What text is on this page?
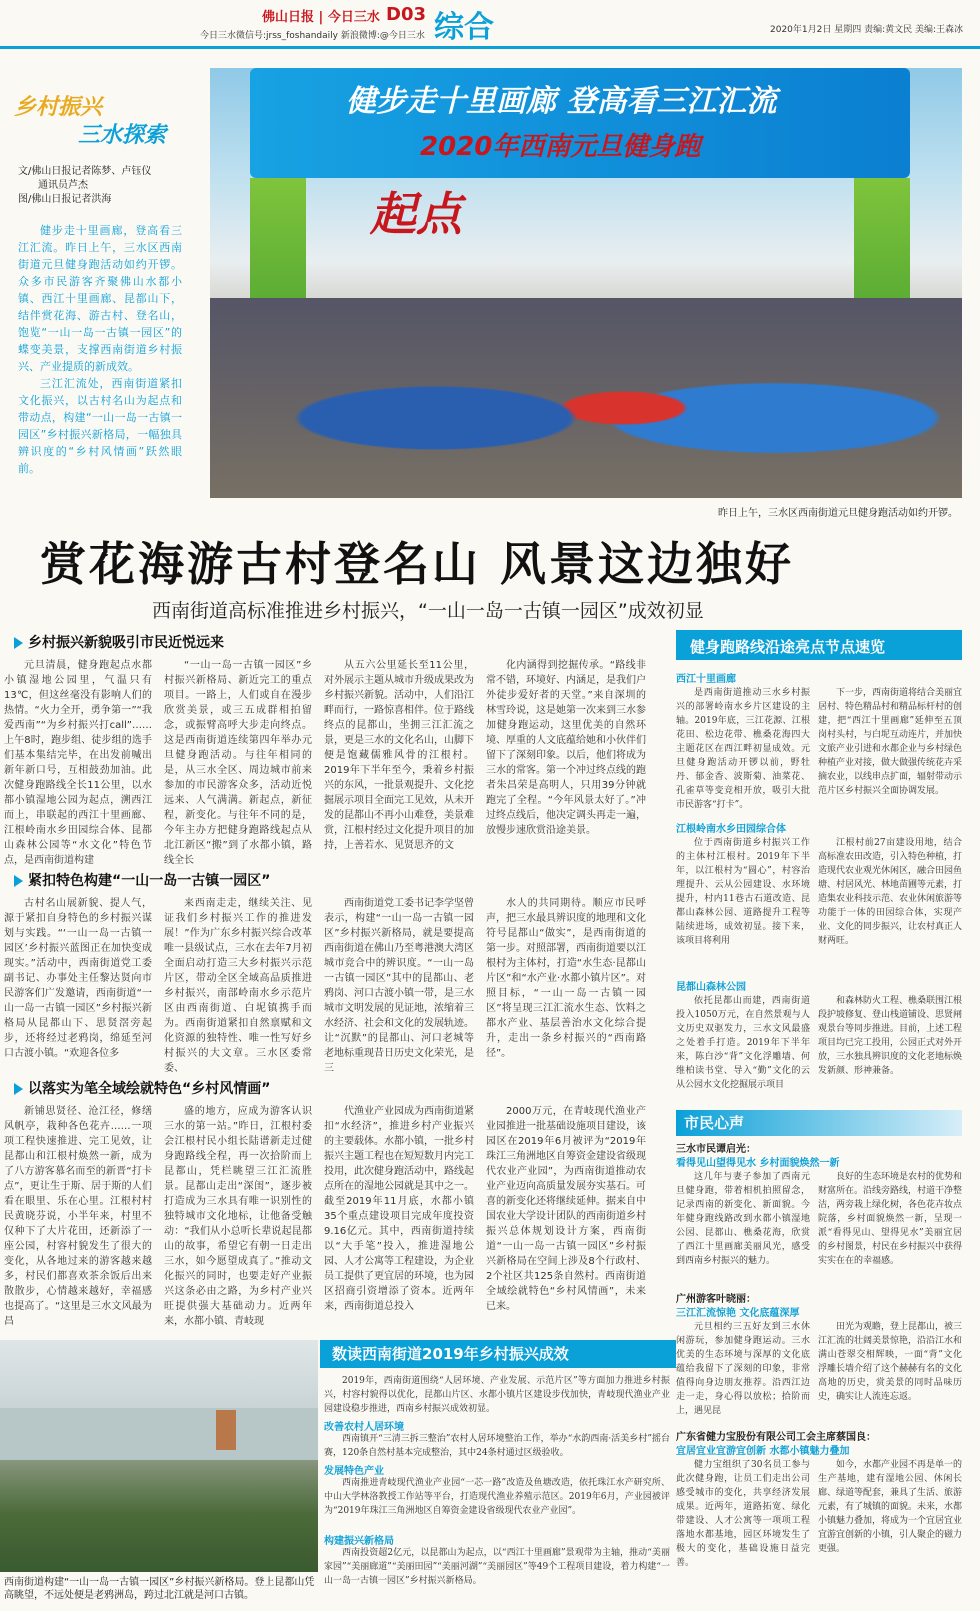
佛山日报 | 今日三水 D03 综合
今日三水微信号:jrss_foshandaily 新浪微博:@今日三水
2020年1月2日 星期四 责编:黄文民 美编:王森冰
乡村振兴
三水探索
文/佛山日报记者陈梦、卢钰仪
通讯员芦杰
图/佛山日报记者洪海

健步走十里画廊，登高看三江汇流。昨日上午，三水区西南街道元旦健身跑活动如约开锣。众多市民游客齐聚佛山水都小镇、西江十里画廊、昆都山下，结伴赏花海、游古村、登名山，饱览“一山一岛一古镇一园区”的蝶变美景，支撑西南街道乡村振兴、产业提质的新成效。

三江汇流处，西南街道紧扣文化振兴，以古村名山为起点和带动点，构建“一山一岛一古镇一园区”乡村振兴新格局，一幅独具辨识度的“乡村风情画”跃然眼前。

健步走十里画廊 登高看三江汇流
2020年西南元旦健身跑
起点
昨日上午，三水区西南街道元旦健身跑活动如约开锣。
赏花海游古村登名山 风景这边独好
西南街道高标准推进乡村振兴，“一山一岛一古镇一园区”成效初显
乡村振兴新貌吸引市民近悦远来

元旦清晨，健身跑起点水都小镇湿地公园里，气温只有13℃，但这丝毫没有影响人们的热情。“火力全开，勇争第一”“我爱西南”“为乡村振兴打call”……上午8时，跑步组、徒步组的选手们基本集结完毕，在出发前喊出新年新口号，互相鼓劲加油。此次健身跑路线全长11公里，以水都小镇湿地公园为起点，溯西江而上，串联起的西江十里画廊、江根岭南水乡田园综合体、昆都山森林公园等“水文化”特色节点，是西南街道构建

“一山一岛一古镇一园区”乡村振兴新格局、新近完工的重点项目。一路上，人们或自在漫步欣赏美景，或三五成群相拍留念，或振臂高呼大步走向终点。这是西南街道连续第四年举办元旦健身跑活动。与往年相同的是，从三水全区、周边城市前来参加的市民游客众多，活动近悦远来、人气满满。新起点，新征程，新变化。与往年不同的是，今年主办方把健身跑路线起点从北江新区“搬”到了水都小镇，路线全长

从五六公里延长至11公里，对外展示主题从城市升级成果改为乡村振兴新貌。活动中，人们沿江畔而行，一路惊喜相伴。位于路线终点的昆都山，坐拥三江汇流之景，更是三水的文化名山，山脚下便是饱藏儒雅风骨的江根村。2019年下半年至今，秉着乡村振兴的东风，一批景观提升、文化挖掘展示项目全面完工见效，从未开发的昆都山不再小山难登，美景难赏，江根村经过文化提升项目的加持，上善若水、见贤思齐的文

化内涵得到挖掘传承。“路线非常不错，环境好、内涵足，是我们户外徒步爱好者的天堂。”来自深圳的林雪玲说，这是她第一次来到三水参加健身跑运动，这里优美的自然环境、厚重的人文底蕴给她和小伙伴们留下了深刻印象。以后，他们将成为三水的常客。第一个冲过终点线的跑者朱昌荣是高明人，只用39分钟就跑完了全程。“今年风景太好了。”冲过终点线后，他决定调头再走一遍，放慢步速欣赏沿途美景。

紧扣特色构建“一山一岛一古镇一园区”

古村名山展新貌、提人气，源于紧扣自身特色的乡村振兴谋划与实践。“‘一山一岛一古镇一园区’乡村振兴蓝图正在加快变成现实。”活动中，西南街道党工委副书记、办事处主任黎达贤向市民游客们广发邀请，西南街道“一山一岛一古镇一园区”乡村振兴新格局从昆都山下、思贤滘旁起步，还将经过老鸦岗，绵延至河口古渡小镇。“欢迎各位多

来西南走走，继续关注、见证我们乡村振兴工作的推进发展！”作为广东乡村振兴综合改革唯一县级试点，三水在去年7月初全面启动打造三大乡村振兴示范片区，带动全区全域高品质推进乡村振兴，南部岭南水乡示范片区由西南街道、白坭镇携手而为。西南街道紧扣自然禀赋和文化资源的独特性、唯一性写好乡村振兴的大文章。三水区委常委、

西南街道党工委书记李学坚曾表示，构建“一山一岛一古镇一园区”乡村振兴新格局，就是要提高西南街道在佛山乃至粤港澳大湾区城市竞合中的辨识度。“一山一岛一古镇一园区”其中的昆都山、老鸦岗、河口古渡小镇一带，是三水城市文明发展的见证地，浓缩着三水经济、社会和文化的发展轨迹。让“沉默”的昆都山、河口老城等老地标重现昔日历史文化荣光，是三

水人的共同期待。顺应市民呼声，把三水最具辨识度的地理和文化符号昆都山“做实”，是西南街道的第一步。对照部署，西南街道要以江根村为主体村，打造“水生态·昆都山片区”和“水产业·水都小镇片区”。对照目标，“一山一岛一古镇一园区”将呈现三江汇流水生态、饮料之都水产业、基层善治水文化综合提升，走出一条乡村振兴的“西南路径”。

以落实为笔全域绘就特色“乡村风情画”

新铺思贤径、沧江径，修缮风帆亭，栽种各色花卉……一项项工程快速推进、完工见效，让昆都山和江根村焕然一新，成为了八方游客慕名而至的新晋“打卡点”，更让生于斯、居于斯的人们看在眼里、乐在心里。江根村村民黄晓芬说，小半年来，村里不仅种下了大片花田，还新添了一座公园，村容村貌发生了很大的变化，从各地过来的游客越来越多，村民们都喜欢茶余饭后出来散散步，心情越来越好，幸福感也提高了。“这里是三水文风最为昌

盛的地方，应成为游客认识三水的第一站。”昨日，江根村委会江根村民小组长陆谱新走过健身跑路线全程，再一次拾阶而上昆都山，凭栏眺望三江汇流胜景。昆都山走出“深闺”，逐步被打造成为三水具有唯一识别性的独特城市文化地标，让他备受触动：“我们从小总听长辈说起昆都山的故事，希望它有朝一日走出三水，如今愿望成真了。”推动文化振兴的同时，也要走好产业振兴这条必由之路，为乡村产业兴旺提供强大基础动力。近两年来，水都小镇、青岐现

代渔业产业园成为西南街道紧扣“水经济”，推进乡村产业振兴的主要载体。水都小镇，一批乡村振兴主题工程也在短短数月内完工投用，此次健身跑活动中，路线起点所在的湿地公园就是其中之一。截至2019年11月底，水都小镇35个重点建设项目完成年度投资9.16亿元。其中，西南街道持续以“大手笔”投入，推进湿地公园、人才公寓等工程建设，为企业员工提供了更宜居的环境，也为园区招商引资增添了资本。近两年来，西南街道总投入

2000万元，在青岐现代渔业产业园推进一批基础设施项目建设，该园区在2019年6月被评为“2019年珠江三角洲地区自筹资金建设省级现代农业产业园”，为西南街道推动农业产业迈向高质量发展夯实基石。可喜的新变化还将继续延伸。据来自中国农业大学设计团队的西南街道乡村振兴总体规划设计方案，西南街道“一山一岛一古镇一园区”乡村振兴新格局在空间上涉及8个行政村、2个社区共125条自然村。西南街道全域绘就特色“乡村风情画”，未来已来。

健身跑路线沿途亮点节点速览
西江十里画廊

是西南街道推动三水乡村振兴的部署岭南水乡片区建设的主轴。2019年底，三江花源、江根花田、松边花带、樵桑花海四大主题花区在西江畔初显成效。元旦健身跑活动开锣以前，野牡丹、郁金香、波斯菊、油菜花、孔雀草等变竞相开放，吸引大批市民游客“打卡”。

下一步，西南街道将结合美丽宜居村、特色精品村和精品标杆村的创建，把“西江十里画廊”延伸至五顶岗村头村，与白坭互动连片，并加快文旅产业引进和水都企业与乡村绿色种植产业对接，做大做强传统花卉采摘农业，以线串点扩面，辐射带动示范片区乡村振兴全面协调发展。

江根岭南水乡田园综合体

位于西南街道乡村振兴工作的主体村江根村。2019年下半年，以江根村为“圆心”，村容治理提升、云从公园建设、水环境提升，村内11巷古石道改造、昆都山森林公园、道路提升工程等陆续进场，成效初显。接下来，该项目将利用

江根村前27亩建设用地，结合高标准农田改造，引入特色种植，打造现代农业观光休闲区，融合田园鱼塘、村居风光、林地苗圃等元素，打造集农业科技示范、农业休闲旅游等功能于一体的田园综合体，实现产业、文化的同步振兴，让农村真正人财两旺。

昆都山森林公园

依托昆都山而建，西南街道投入1050万元，在自然景观与人文历史双驱发力，三水文风最盛之处着手打造。2019年下半年来，陈白沙“背”文化浮雕墙、何维柏读书堂、导入“勤”文化的云从公园水文化挖掘展示项目

和森林防火工程、樵桑联围江根段护坡修复、登山栈道铺设、思贤闸观景台等同步推进。目前，上述工程项目均已完工投用，公园正式对外开放，三水独具辨识度的文化老地标焕发新颜、形神兼备。

市民心声
三水市民谭启光：
看得见山望得见水 乡村面貌焕然一新

这几年与妻子参加了西南元旦健身跑，带着相机拍照留念，记录西南的新变化、新面貌。今年健身跑线路改到水都小镇湿地公园、昆都山、樵桑花海，欣赏了西江十里画廊美丽风光，感受到西南乡村振兴的魅力。

良好的生态环境是农村的优势和财富所在。沿线旁路线，村道干净整洁，两旁栽上绿化树，各色花卉妆点院落，乡村面貌焕然一新，呈现一派“看得见山、望得见水”美丽宜居的乡村图景，村民在乡村振兴中获得实实在在的幸福感。

广州游客叶晓丽：
三江汇流惊艳 文化底蕴深厚

元旦相约三五好友到三水休闲游玩，参加健身跑运动。三水优美的生态环境与深厚的文化底蕴给我留下了深刻的印象，非常值得向身边朋友推荐。沿西江边走一走，身心得以放松；拾阶而上，遇见昆

田光为观瞻，登上昆都山，被三江汇流的壮阔美景惊艳，沿沿江水和满山苍翠交相辉映，一面“背”文化浮雕长墙介绍了这个赫赫有名的文化高地的历史，赏美景的同时品味历史，确实让人流连忘返。

广东省健力宝股份有限公司工会主席蔡国良：
宜居宜业宜游宜创新 水都小镇魅力叠加

健力宝组织了30名员工参与此次健身跑，让员工们走出公司感受城市的变化，共享经济发展成果。近两年，道路拓宽、绿化带建设、人才公寓等一项项工程落地水都基地，园区环境发生了极大的变化，基础设施日益完善。

如今，水都产业园不再是单一的生产基地，建有湿地公园、休闲长廊、绿道等配套，兼具了生活、旅游元素，有了城镇的面貌。未来，水都小镇魅力叠加，将成为一个宜居宜业宜游宜创新的小镇，引人聚企的磁力更强。

西南街道构建“一山一岛一古镇一园区”乡村振兴新格局。登上昆都山凭高眺望，不远处便是老鸦洲岛，跨过北江就是河口古镇。
数读西南街道2019年乡村振兴成效

2019年，西南街道围绕“人居环境、产业发展、示范片区”等方面加力推进乡村振兴，村容村貌得以优化，昆都山片区、水都小镇片区建设步伐加快，青岐现代渔业产业园建设稳步推进，西南乡村振兴成效初显。

改善农村人居环境

西南镇开“三清三拆三整治”农村人居环境整治工作，举办“水韵西南·活美乡村”摇台赛，120条自然村基本完成整治，其中24条村通过区级验收。

发展特色产业

西南推进青岐现代渔业产业园“一芯一路”改造及鱼塘改造，依托珠江水产研究所、中山大学林洛教授工作站等平台，打造现代渔业养殖示范区。2019年6月，产业园被评为“2019年珠江三角洲地区自筹资金建设省级现代农业产业园”。

构建振兴新格局

西南投资超2亿元，以昆都山为起点，以“西江十里画廊”景观带为主轴，推动“美丽家园”“美丽廊道”“美丽田园”“美丽河湖”“美丽园区”等49个工程项目建设，着力构建“一山一岛一古镇一园区”乡村振兴新格局。
